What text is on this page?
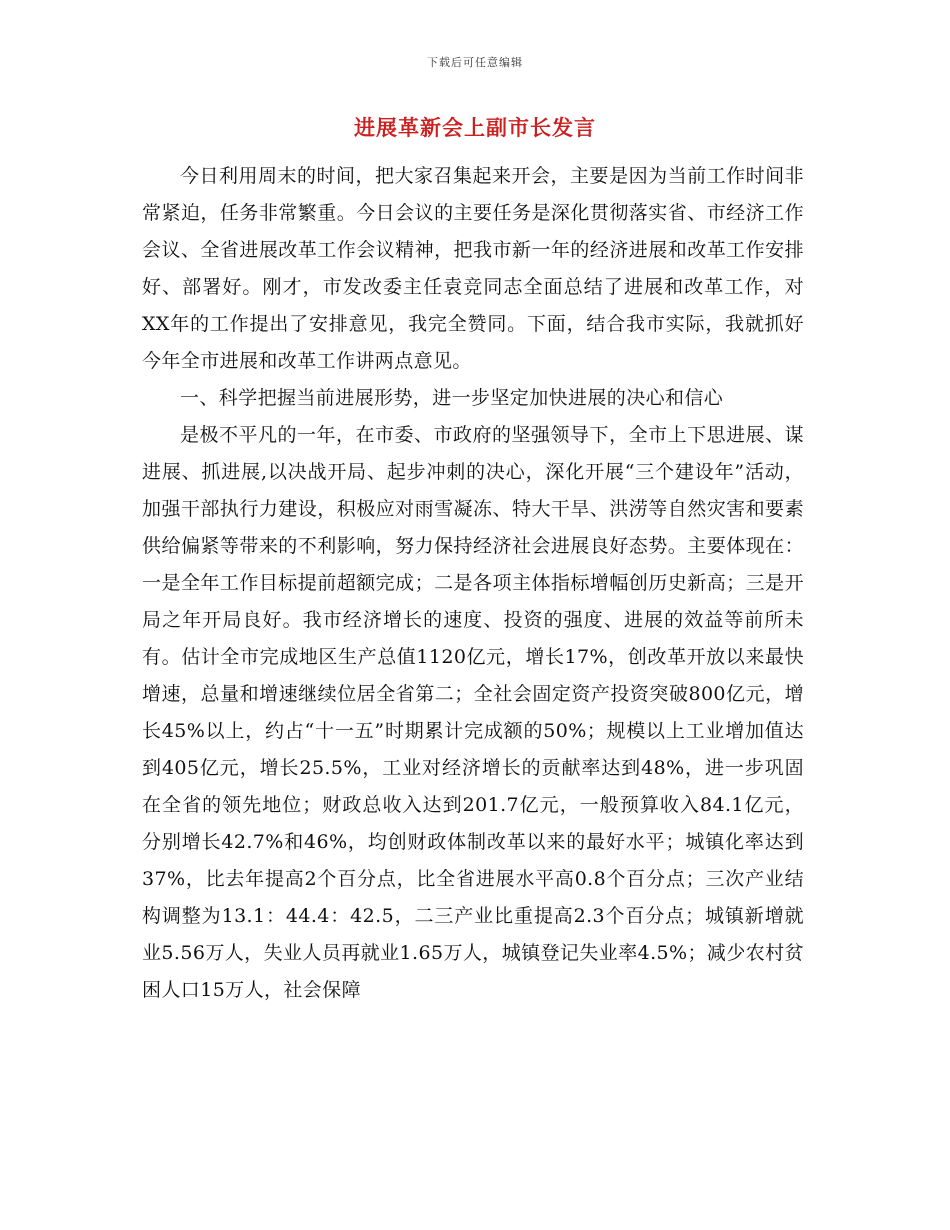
下载后可任意编辑
进展革新会上副市长发言

今日利用周末的时间，把大家召集起来开会，主要是因为当前工作时间非常紧迫，任务非常繁重。今日会议的主要任务是深化贯彻落实省、市经济工作会议、全省进展改革工作会议精神，把我市新一年的经济进展和改革工作安排好、部署好。刚才，市发改委主任袁竞同志全面总结了进展和改革工作，对XX年的工作提出了安排意见，我完全赞同。下面，结合我市实际，我就抓好今年全市进展和改革工作讲两点意见。

一、科学把握当前进展形势，进一步坚定加快进展的决心和信心

是极不平凡的一年，在市委、市政府的坚强领导下，全市上下思进展、谋进展、抓进展,以决战开局、起步冲刺的决心，深化开展“三个建设年”活动，加强干部执行力建设，积极应对雨雪凝冻、特大干旱、洪涝等自然灾害和要素供给偏紧等带来的不利影响，努力保持经济社会进展良好态势。主要体现在：一是全年工作目标提前超额完成；二是各项主体指标增幅创历史新高；三是开局之年开局良好。我市经济增长的速度、投资的强度、进展的效益等前所未有。估计全市完成地区生产总值1120亿元，增长17%，创改革开放以来最快增速，总量和增速继续位居全省第二；全社会固定资产投资突破800亿元，增长45%以上，约占“十一五”时期累计完成额的50%；规模以上工业增加值达到405亿元，增长25.5%，工业对经济增长的贡献率达到48%，进一步巩固在全省的领先地位；财政总收入达到201.7亿元，一般预算收入84.1亿元，分别增长42.7%和46%，均创财政体制改革以来的最好水平；城镇化率达到37%，比去年提高2个百分点，比全省进展水平高0.8个百分点；三次产业结构调整为13.1：44.4：42.5，二三产业比重提高2.3个百分点；城镇新增就业5.56万人，失业人员再就业1.65万人，城镇登记失业率4.5%；减少农村贫困人口15万人，社会保障
